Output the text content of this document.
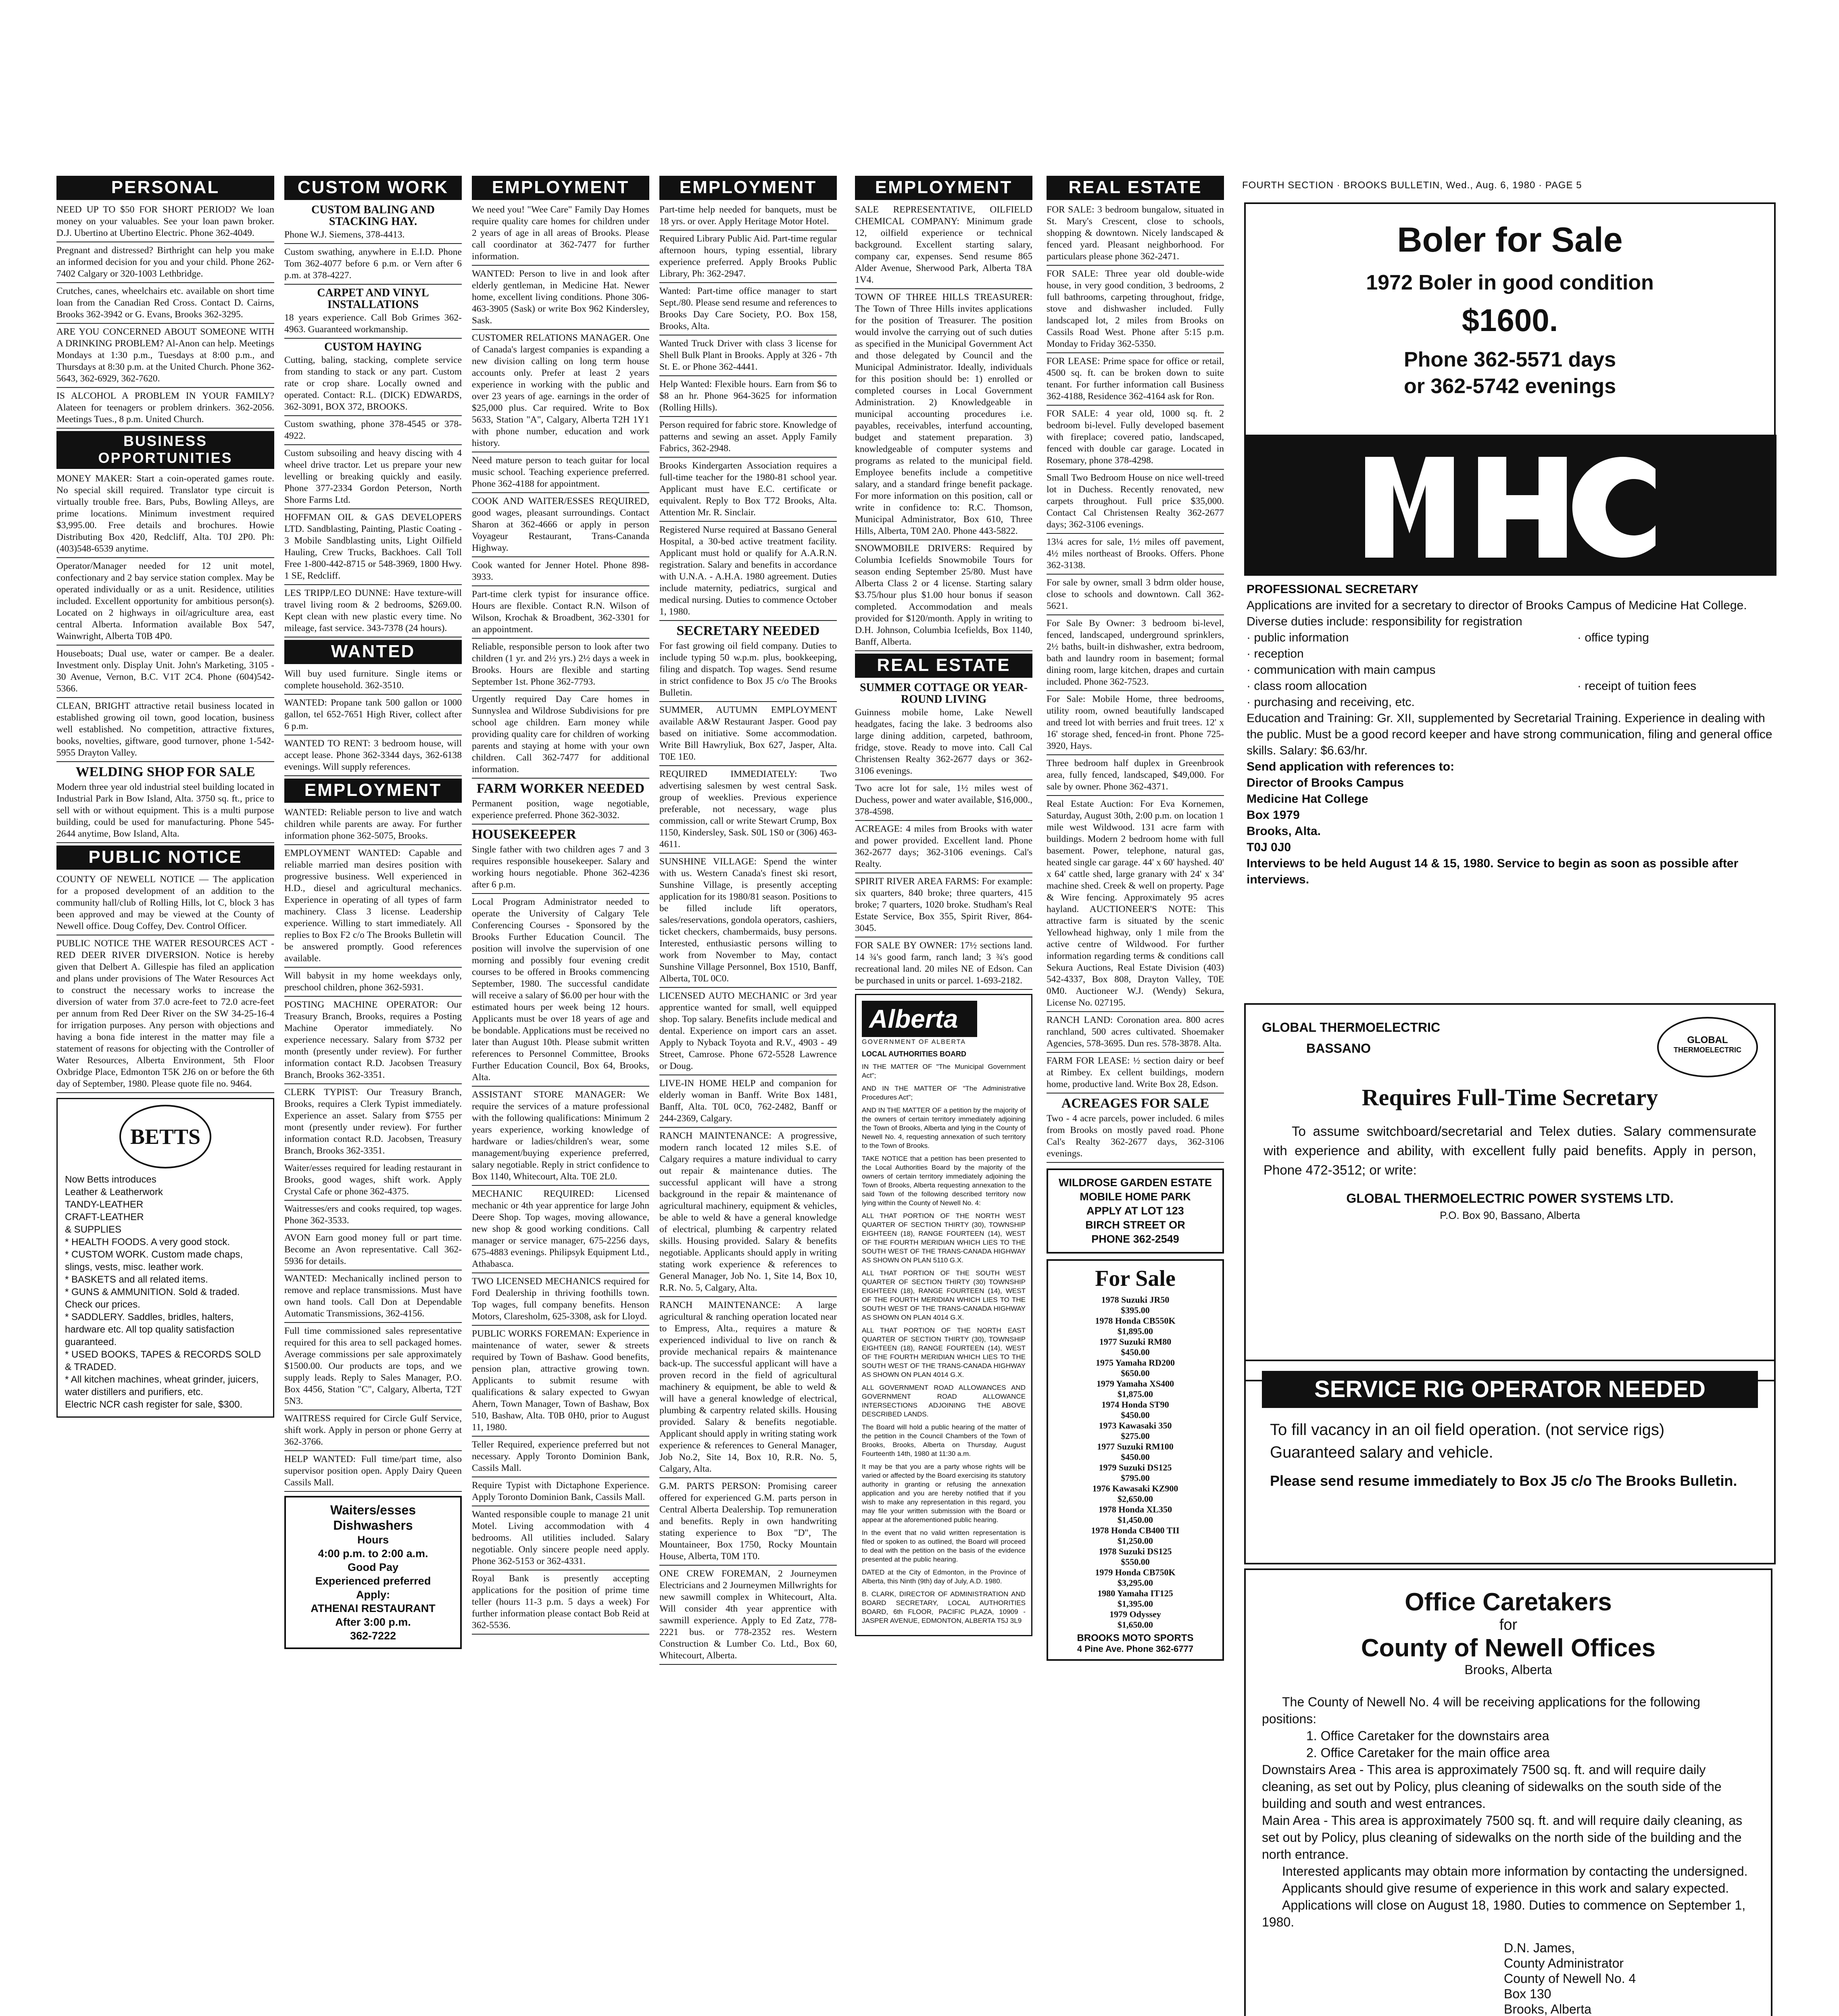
FOURTH SECTION · BROOKS BULLETIN, Wed., Aug. 6, 1980 · PAGE 5
PERSONAL
NEED UP TO $50 FOR SHORT PERIOD? We loan money on your valuables. See your loan pawn broker. D.J. Ubertino at Ubertino Electric. Phone 362-4049.
Pregnant and distressed? Birthright can help you make an informed decision for you and your child. Phone 262-7402 Calgary or 320-1003 Lethbridge.
Crutches, canes, wheelchairs etc. available on short time loan from the Canadian Red Cross. Contact D. Cairns, Brooks 362-3942 or G. Evans, Brooks 362-3295.
ARE YOU CONCERNED ABOUT SOMEONE WITH A DRINKING PROBLEM? Al-Anon can help. Meetings Mondays at 1:30 p.m., Tuesdays at 8:00 p.m., and Thursdays at 8:30 p.m. at the United Church. Phone 362-5643, 362-6929, 362-7620.
IS ALCOHOL A PROBLEM IN YOUR FAMILY? Alateen for teenagers or problem drinkers. 362-2056. Meetings Tues., 8 p.m. United Church.
BUSINESS OPPORTUNITIES
MONEY MAKER: Start a coin-operated games route. No special skill required. Translator type circuit is virtually trouble free. Bars, Pubs, Bowling Alleys, are prime locations. Minimum investment required $3,995.00. Free details and brochures. Howie Distributing Box 420, Redcliff, Alta. T0J 2P0. Ph: (403)548-6539 anytime.
Operator/Manager needed for 12 unit motel, confectionary and 2 bay service station complex. May be operated individually or as a unit. Residence, utilities included. Excellent opportunity for ambitious person(s). Located on 2 highways in oil/agriculture area, east central Alberta. Information available Box 547, Wainwright, Alberta T0B 4P0.
Houseboats; Dual use, water or camper. Be a dealer. Investment only. Display Unit. John's Marketing, 3105 - 30 Avenue, Vernon, B.C. V1T 2C4. Phone (604)542-5366.
CLEAN, BRIGHT attractive retail business located in established growing oil town, good location, business well established. No competition, attractive fixtures, books, novelties, giftware, good turnover, phone 1-542-5955 Drayton Valley.
WELDING SHOP FOR SALE
Modern three year old industrial steel building located in Industrial Park in Bow Island, Alta. 3750 sq. ft., price to sell with or without equipment. This is a multi purpose building, could be used for manufacturing. Phone 545-2644 anytime, Bow Island, Alta.
PUBLIC NOTICE
COUNTY OF NEWELL NOTICE — The application for a proposed development of an addition to the community hall/club of Rolling Hills, lot C, block 3 has been approved and may be viewed at the County of Newell office. Doug Coffey, Dev. Control Officer.
PUBLIC NOTICE THE WATER RESOURCES ACT - RED DEER RIVER DIVERSION. Notice is hereby given that Delbert A. Gillespie has filed an application and plans under provisions of The Water Resources Act to construct the necessary works to increase the diversion of water from 37.0 acre-feet to 72.0 acre-feet per annum from Red Deer River on the SW 34-25-16-4 for irrigation purposes. Any person with objections and having a bona fide interest in the matter may file a statement of reasons for objecting with the Controller of Water Resources, Alberta Environment, 5th Floor Oxbridge Place, Edmonton T5K 2J6 on or before the 6th day of September, 1980. Please quote file no. 9464.
BETTS
Now Betts introduces
Leather & Leatherwork
TANDY-LEATHER
CRAFT-LEATHER
& SUPPLIES
* HEALTH FOODS. A very good stock.
* CUSTOM WORK. Custom made chaps, slings, vests, misc. leather work.
* BASKETS and all related items.
* GUNS & AMMUNITION. Sold & traded. Check our prices.
* SADDLERY. Saddles, bridles, halters, hardware etc. All top quality satisfaction guaranteed.
* USED BOOKS, TAPES & RECORDS SOLD & TRADED.
* All kitchen machines, wheat grinder, juicers, water distillers and purifiers, etc.
Electric NCR cash register for sale, $300.
CUSTOM WORK
CUSTOM BALING AND STACKING HAY.
Phone W.J. Siemens, 378-4413.
Custom swathing, anywhere in E.I.D. Phone Tom 362-4077 before 6 p.m. or Vern after 6 p.m. at 378-4227.
CARPET AND VINYL INSTALLATIONS
18 years experience. Call Bob Grimes 362-4963. Guaranteed workmanship.
CUSTOM HAYING
Cutting, baling, stacking, complete service from standing to stack or any part. Custom rate or crop share. Locally owned and operated. Contact: R.L. (DICK) EDWARDS, 362-3091, BOX 372, BROOKS.
Custom swathing, phone 378-4545 or 378-4922.
Custom subsoiling and heavy discing with 4 wheel drive tractor. Let us prepare your new levelling or breaking quickly and easily. Phone 377-2334 Gordon Peterson, North Shore Farms Ltd.
HOFFMAN OIL & GAS DEVELOPERS LTD. Sandblasting, Painting, Plastic Coating - 3 Mobile Sandblasting units, Light Oilfield Hauling, Crew Trucks, Backhoes. Call Toll Free 1-800-442-8715 or 548-3969, 1800 Hwy. 1 SE, Redcliff.
LES TRIPP/LEO DUNNE: Have texture-will travel living room & 2 bedrooms, $269.00. Kept clean with new plastic every time. No mileage, fast service. 343-7378 (24 hours).
WANTED
Will buy used furniture. Single items or complete household. 362-3510.
WANTED: Propane tank 500 gallon or 1000 gallon, tel 652-7651 High River, collect after 6 p.m.
WANTED TO RENT: 3 bedroom house, will accept lease. Phone 362-3344 days, 362-6138 evenings. Will supply references.
EMPLOYMENT
WANTED: Reliable person to live and watch children while parents are away. For further information phone 362-5075, Brooks.
EMPLOYMENT WANTED: Capable and reliable married man desires position with progressive business. Well experienced in H.D., diesel and agricultural mechanics. Experience in operating of all types of farm machinery. Class 3 license. Leadership experience. Willing to start immediately. All replies to Box F2 c/o The Brooks Bulletin will be answered promptly. Good references available.
Will babysit in my home weekdays only, preschool children, phone 362-5931.
POSTING MACHINE OPERATOR: Our Treasury Branch, Brooks, requires a Posting Machine Operator immediately. No experience necessary. Salary from $732 per month (presently under review). For further information contact R.D. Jacobsen Treasury Branch, Brooks 362-3351.
CLERK TYPIST: Our Treasury Branch, Brooks, requires a Clerk Typist immediately. Experience an asset. Salary from $755 per mont (presently under review). For further information contact R.D. Jacobsen, Treasury Branch, Brooks 362-3351.
Waiter/esses required for leading restaurant in Brooks, good wages, shift work. Apply Crystal Cafe or phone 362-4375.
Waitresses/ers and cooks required, top wages. Phone 362-3533.
AVON Earn good money full or part time. Become an Avon representative. Call 362-5936 for details.
WANTED: Mechanically inclined person to remove and replace transmissions. Must have own hand tools. Call Don at Dependable Automatic Transmissions, 362-4156.
Full time commissioned sales representative required for this area to sell packaged homes. Average commissions per sale approximately $1500.00. Our products are tops, and we supply leads. Reply to Sales Manager, P.O. Box 4456, Station "C", Calgary, Alberta, T2T 5N3.
WAITRESS required for Circle Gulf Service, shift work. Apply in person or phone Gerry at 362-3766.
HELP WANTED: Full time/part time, also supervisor position open. Apply Dairy Queen Cassils Mall.
Waiters/esses Dishwashers
Hours
4:00 p.m. to 2:00 a.m.
Good Pay
Experienced preferred
Apply:
ATHENAI RESTAURANT
After 3:00 p.m.
362-7222
EMPLOYMENT
We need you! "Wee Care" Family Day Homes require quality care homes for children under 2 years of age in all areas of Brooks. Please call coordinator at 362-7477 for further information.
WANTED: Person to live in and look after elderly gentleman, in Medicine Hat. Newer home, excellent living conditions. Phone 306-463-3905 (Sask) or write Box 962 Kindersley, Sask.
CUSTOMER RELATIONS MANAGER. One of Canada's largest companies is expanding a new division calling on long term house accounts only. Prefer at least 2 years experience in working with the public and over 23 years of age. earnings in the order of $25,000 plus. Car required. Write to Box 5633, Station "A", Calgary, Alberta T2H 1Y1 with phone number, education and work history.
Need mature person to teach guitar for local music school. Teaching experience preferred. Phone 362-4188 for appointment.
COOK AND WAITER/ESSES REQUIRED, good wages, pleasant surroundings. Contact Sharon at 362-4666 or apply in person Voyageur Restaurant, Trans-Cananda Highway.
Cook wanted for Jenner Hotel. Phone 898-3933.
Part-time clerk typist for insurance office. Hours are flexible. Contact R.N. Wilson of Wilson, Krochak & Broadbent, 362-3301 for an appointment.
Reliable, responsible person to look after two children (1 yr. and 2½ yrs.) 2½ days a week in Brooks. Hours are flexible and starting September 1st. Phone 362-7793.
Urgently required Day Care homes in Sunnyslea and Wildrose Subdivisions for pre school age children. Earn money while providing quality care for children of working parents and staying at home with your own children. Call 362-7477 for additional information.
FARM WORKER NEEDED
Permanent position, wage negotiable, experience preferred. Phone 362-3032.
HOUSEKEEPER
Single father with two children ages 7 and 3 requires responsible housekeeper. Salary and working hours negotiable. Phone 362-4236 after 6 p.m.
Local Program Administrator needed to operate the University of Calgary Tele Conferencing Courses - Sponsored by the Brooks Further Education Council. The position will involve the supervision of one morning and possibly four evening credit courses to be offered in Brooks commencing September, 1980. The successful candidate will receive a salary of $6.00 per hour with the estimated hours per week being 12 hours. Applicants must be over 18 years of age and be bondable. Applications must be received no later than August 10th. Please submit written references to Personnel Committee, Brooks Further Education Council, Box 64, Brooks, Alta.
ASSISTANT STORE MANAGER: We require the services of a mature professional with the following qualifications: Minimum 2 years experience, working knowledge of hardware or ladies/children's wear, some management/buying experience preferred, salary negotiable. Reply in strict confidence to Box 1140, Whitecourt, Alta. T0E 2L0.
MECHANIC REQUIRED: Licensed mechanic or 4th year apprentice for large John Deere Shop. Top wages, moving allowance, new shop & good working conditions. Call manager or service manager, 675-2256 days, 675-4883 evenings. Philipsyk Equipment Ltd., Athabasca.
TWO LICENSED MECHANICS required for Ford Dealership in thriving foothills town. Top wages, full company benefits. Henson Motors, Claresholm, 625-3308, ask for Lloyd.
PUBLIC WORKS FOREMAN: Experience in maintenance of water, sewer & streets required by Town of Bashaw. Good benefits, pension plan, attractive growing town. Applicants to submit resume with qualifications & salary expected to Gwyan Ahern, Town Manager, Town of Bashaw, Box 510, Bashaw, Alta. T0B 0H0, prior to August 11, 1980.
Teller Required, experience preferred but not necessary. Apply Toronto Dominion Bank, Cassils Mall.
Require Typist with Dictaphone Experience. Apply Toronto Dominion Bank, Cassils Mall.
Wanted responsible couple to manage 21 unit Motel. Living accommodation with 4 bedrooms. All utilities included. Salary negotiable. Only sincere people need apply. Phone 362-5153 or 362-4331.
Royal Bank is presently accepting applications for the position of prime time teller (hours 11-3 p.m. 5 days a week) For further information please contact Bob Reid at 362-5536.
EMPLOYMENT
Part-time help needed for banquets, must be 18 yrs. or over. Apply Heritage Motor Hotel.
Required Library Public Aid. Part-time regular afternoon hours, typing essential, library experience preferred. Apply Brooks Public Library, Ph: 362-2947.
Wanted: Part-time office manager to start Sept./80. Please send resume and references to Brooks Day Care Society, P.O. Box 158, Brooks, Alta.
Wanted Truck Driver with class 3 license for Shell Bulk Plant in Brooks. Apply at 326 - 7th St. E. or Phone 362-4441.
Help Wanted: Flexible hours. Earn from $6 to $8 an hr. Phone 964-3625 for information (Rolling Hills).
Person required for fabric store. Knowledge of patterns and sewing an asset. Apply Family Fabrics, 362-2948.
Brooks Kindergarten Association requires a full-time teacher for the 1980-81 school year. Applicant must have E.C. certificate or equivalent. Reply to Box T72 Brooks, Alta. Attention Mr. R. Sinclair.
Registered Nurse required at Bassano General Hospital, a 30-bed active treatment facility. Applicant must hold or qualify for A.A.R.N. registration. Salary and benefits in accordance with U.N.A. - A.H.A. 1980 agreement. Duties include maternity, pediatrics, surgical and medical nursing. Duties to commence October 1, 1980.
SECRETARY NEEDED
For fast growing oil field company. Duties to include typing 50 w.p.m. plus, bookkeeping, filing and dispatch. Top wages. Send resume in strict confidence to Box J5 c/o The Brooks Bulletin.
SUMMER, AUTUMN EMPLOYMENT available A&W Restaurant Jasper. Good pay based on initiative. Some accommodation. Write Bill Hawryliuk, Box 627, Jasper, Alta. T0E 1E0.
REQUIRED IMMEDIATELY: Two advertising salesmen by west central Sask. group of weeklies. Previous experience preferable, not necessary, wage plus commission, call or write Stewart Crump, Box 1150, Kindersley, Sask. S0L 1S0 or (306) 463-4611.
SUNSHINE VILLAGE: Spend the winter with us. Western Canada's finest ski resort, Sunshine Village, is presently accepting application for its 1980/81 season. Positions to be filled include lift operators, sales/reservations, gondola operators, cashiers, ticket checkers, chambermaids, busy persons. Interested, enthusiastic persons willing to work from November to May, contact Sunshine Village Personnel, Box 1510, Banff, Alberta, T0L 0C0.
LICENSED AUTO MECHANIC or 3rd year apprentice wanted for small, well equipped shop. Top salary. Benefits include medical and dental. Experience on import cars an asset. Apply to Nyback Toyota and R.V., 4903 - 49 Street, Camrose. Phone 672-5528 Lawrence or Doug.
LIVE-IN HOME HELP and companion for elderly woman in Banff. Write Box 1481, Banff, Alta. T0L 0C0, 762-2482, Banff or 244-2369, Calgary.
RANCH MAINTENANCE: A progressive, modern ranch located 12 miles S.E. of Calgary requires a mature individual to carry out repair & maintenance duties. The successful applicant will have a strong background in the repair & maintenance of agricultural machinery, equipment & vehicles, be able to weld & have a general knowledge of electrical, plumbing & carpentry related skills. Housing provided. Salary & benefits negotiable. Applicants should apply in writing stating work experience & references to General Manager, Job No. 1, Site 14, Box 10, R.R. No. 5, Calgary, Alta.
RANCH MAINTENANCE: A large agricultural & ranching operation located near to Empress, Alta., requires a mature & experienced individual to live on ranch & provide mechanical repairs & maintenance back-up. The successful applicant will have a proven record in the field of agricultural machinery & equipment, be able to weld & will have a general knowledge of electrical, plumbing & carpentry related skills. Housing provided. Salary & benefits negotiable. Applicant should apply in writing stating work experience & references to General Manager, Job No.2, Site 14, Box 10, R.R. No. 5, Calgary, Alta.
G.M. PARTS PERSON: Promising career offered for experienced G.M. parts person in Central Alberta Dealership. Top remuneration and benefits. Reply in own handwriting stating experience to Box "D", The Mountaineer, Box 1750, Rocky Mountain House, Alberta, T0M 1T0.
ONE CREW FOREMAN, 2 Journeymen Electricians and 2 Journeymen Millwrights for new sawmill complex in Whitecourt, Alta. Will consider 4th year apprentice with sawmill experience. Apply to Ed Zatz, 778-2221 bus. or 778-2352 res. Western Construction & Lumber Co. Ltd., Box 60, Whitecourt, Alberta.
EMPLOYMENT
SALE REPRESENTATIVE, OILFIELD CHEMICAL COMPANY: Minimum grade 12, oilfield experience or technical background. Excellent starting salary, company car, expenses. Send resume 865 Alder Avenue, Sherwood Park, Alberta T8A 1V4.
TOWN OF THREE HILLS TREASURER: The Town of Three Hills invites applications for the position of Treasurer. The position would involve the carrying out of such duties as specified in the Municipal Government Act and those delegated by Council and the Municipal Administrator. Ideally, individuals for this position should be: 1) enrolled or completed courses in Local Government Administration. 2) Knowledgeable in municipal accounting procedures i.e. payables, receivables, interfund accounting, budget and statement preparation. 3) knowledgeable of computer systems and programs as related to the municipal field. Employee benefits include a competitive salary, and a standard fringe benefit package. For more information on this position, call or write in confidence to: R.C. Thomson, Municipal Administrator, Box 610, Three Hills, Alberta, T0M 2A0. Phone 443-5822.
SNOWMOBILE DRIVERS: Required by Columbia Icefields Snowmobile Tours for season ending September 25/80. Must have Alberta Class 2 or 4 license. Starting salary $3.75/hour plus $1.00 hour bonus if season completed. Accommodation and meals provided for $120/month. Apply in writing to D.H. Johnson, Columbia Icefields, Box 1140, Banff, Alberta.
REAL ESTATE
SUMMER COTTAGE OR YEAR-ROUND LIVING
Guinness mobile home, Lake Newell headgates, facing the lake. 3 bedrooms also large dining addition, carpeted, bathroom, fridge, stove. Ready to move into. Call Cal Christensen Realty 362-2677 days or 362-3106 evenings.
Two acre lot for sale, 1½ miles west of Duchess, power and water available, $16,000., 378-4598.
ACREAGE: 4 miles from Brooks with water and power provided. Excellent land. Phone 362-2677 days; 362-3106 evenings. Cal's Realty.
SPIRIT RIVER AREA FARMS: For example: six quarters, 840 broke; three quarters, 415 broke; 7 quarters, 1020 broke. Studham's Real Estate Service, Box 355, Spirit River, 864-3045.
FOR SALE BY OWNER: 17½ sections land. 14 ¾'s good farm, ranch land; 3 ¾'s good recreational land. 20 miles NE of Edson. Can be purchased in units or parcel. 1-693-2182.
Alberta
GOVERNMENT OF ALBERTA
LOCAL AUTHORITIES BOARD

IN THE MATTER OF "The Municipal Government Act";

AND IN THE MATTER OF "The Administrative Procedures Act";

AND IN THE MATTER OF a petition by the majority of the owners of certain territory immediately adjoining the Town of Brooks, Alberta and lying in the County of Newell No. 4, requesting annexation of such territory to the Town of Brooks.

TAKE NOTICE that a petition has been presented to the Local Authorities Board by the majority of the owners of certain territory immediately adjoining the Town of Brooks, Alberta requesting annexation to the said Town of the following described territory now lying within the County of Newell No. 4:

ALL THAT PORTION OF THE NORTH WEST QUARTER OF SECTION THIRTY (30), TOWNSHIP EIGHTEEN (18), RANGE FOURTEEN (14), WEST OF THE FOURTH MERIDIAN WHICH LIES TO THE SOUTH WEST OF THE TRANS-CANADA HIGHWAY AS SHOWN ON PLAN 5110 G.X.

ALL THAT PORTION OF THE SOUTH WEST QUARTER OF SECTION THIRTY (30) TOWNSHIP EIGHTEEN (18), RANGE FOURTEEN (14), WEST OF THE FOURTH MERIDIAN WHICH LIES TO THE SOUTH WEST OF THE TRANS-CANADA HIGHWAY AS SHOWN ON PLAN 4014 G.X.

ALL THAT PORTION OF THE NORTH EAST QUARTER OF SECTION THIRTY (30), TOWNSHIP EIGHTEEN (18), RANGE FOURTEEN (14), WEST OF THE FOURTH MERIDIAN WHICH LIES TO THE SOUTH WEST OF THE TRANS-CANADA HIGHWAY AS SHOWN ON PLAN 4014 G.X.

ALL GOVERNMENT ROAD ALLOWANCES AND GOVERNMENT ROAD ALLOWANCE INTERSECTIONS ADJOINING THE ABOVE DESCRIBED LANDS.

The Board will hold a public hearing of the matter of the petition in the Council Chambers of the Town of Brooks, Brooks, Alberta on Thursday, August Fourteenth 14th, 1980 at 11:30 a.m.

It may be that you are a party whose rights will be varied or affected by the Board exercising its statutory authority in granting or refusing the annexation application and you are hereby notified that if you wish to make any representation in this regard, you may file your written submission with the Board or appear at the aforementioned public hearing.

In the event that no valid written representation is filed or spoken to as outlined, the Board will proceed to deal with the petition on the basis of the evidence presented at the public hearing.

DATED at the City of Edmonton, in the Province of Alberta, this Ninth (9th) day of July, A.D. 1980.

B. CLARK, DIRECTOR OF ADMINISTRATION AND BOARD SECRETARY, LOCAL AUTHORITIES BOARD, 6th FLOOR, PACIFIC PLAZA, 10909 - JASPER AVENUE, EDMONTON, ALBERTA T5J 3L9

REAL ESTATE
FOR SALE: 3 bedroom bungalow, situated in St. Mary's Crescent, close to schools, shopping & downtown. Nicely landscaped & fenced yard. Pleasant neighborhood. For particulars please phone 362-2471.
FOR SALE: Three year old double-wide house, in very good condition, 3 bedrooms, 2 full bathrooms, carpeting throughout, fridge, stove and dishwasher included. Fully landscaped lot, 2 miles from Brooks on Cassils Road West. Phone after 5:15 p.m. Monday to Friday 362-5350.
FOR LEASE: Prime space for office or retail, 4500 sq. ft. can be broken down to suite tenant. For further information call Business 362-4188, Residence 362-4164 ask for Ron.
FOR SALE: 4 year old, 1000 sq. ft. 2 bedroom bi-level. Fully developed basement with fireplace; covered patio, landscaped, fenced with double car garage. Located in Rosemary, phone 378-4298.
Small Two Bedroom House on nice well-treed lot in Duchess. Recently renovated, new carpets throughout. Full price $35,000. Contact Cal Christensen Realty 362-2677 days; 362-3106 evenings.
13¼ acres for sale, 1½ miles off pavement, 4½ miles northeast of Brooks. Offers. Phone 362-3138.
For sale by owner, small 3 bdrm older house, close to schools and downtown. Call 362-5621.
For Sale By Owner: 3 bedroom bi-level, fenced, landscaped, underground sprinklers, 2½ baths, built-in dishwasher, extra bedroom, bath and laundry room in basement; formal dining room, large kitchen, drapes and curtain included. Phone 362-7523.
For Sale: Mobile Home, three bedrooms, utility room, owned beautifully landscaped and treed lot with berries and fruit trees. 12' x 16' storage shed, fenced-in front. Phone 725-3920, Hays.
Three bedroom half duplex in Greenbrook area, fully fenced, landscaped, $49,000. For sale by owner. Phone 362-4371.
Real Estate Auction: For Eva Kornemen, Saturday, August 30th, 2:00 p.m. on location 1 mile west Wildwood. 131 acre farm with buildings. Modern 2 bedroom home with full basement. Power, telephone, natural gas, heated single car garage. 44' x 60' hayshed. 40' x 64' cattle shed, large granary with 24' x 34' machine shed. Creek & well on property. Page & Wire fencing. Approximately 95 acres hayland. AUCTIONEER'S NOTE: This attractive farm is situated by the scenic Yellowhead highway, only 1 mile from the active centre of Wildwood. For further information regarding terms & conditions call Sekura Auctions, Real Estate Division (403) 542-4337, Box 808, Drayton Valley, T0E 0M0. Auctioneer W.J. (Wendy) Sekura, License No. 027195.
RANCH LAND: Coronation area. 800 acres ranchland, 500 acres cultivated. Shoemaker Agencies, 578-3695. Dun res. 578-3878. Alta.
FARM FOR LEASE: ½ section dairy or beef at Rimbey. Ex cellent buildings, modern home, productive land. Write Box 28, Edson.
ACREAGES FOR SALE
Two - 4 acre parcels, power included. 6 miles from Brooks on mostly paved road. Phone Cal's Realty 362-2677 days, 362-3106 evenings.
WILDROSE GARDEN ESTATE MOBILE HOME PARK
APPLY AT LOT 123
BIRCH STREET OR
PHONE 362-2549
For Sale
1978 Suzuki JR50
$395.00
1978 Honda CB550K
$1,895.00
1977 Suzuki RM80
$450.00
1975 Yamaha RD200
$650.00
1979 Yamaha XS400
$1,875.00
1974 Honda ST90
$450.00
1973 Kawasaki 350
$275.00
1977 Suzuki RM100
$450.00
1979 Suzuki DS125
$795.00
1976 Kawasaki KZ900
$2,650.00
1978 Honda XL350
$1,450.00
1978 Honda CB400 TII
$1,250.00
1978 Suzuki DS125
$550.00
1979 Honda CB750K
$3,295.00
1980 Yamaha IT125
$1,395.00
1979 Odyssey
$1,650.00
BROOKS MOTO SPORTS
4 Pine Ave. Phone 362-6777
Boler for Sale
1972 Boler in good condition
$1600.
Phone 362-5571 days
or 362-5742 evenings
PROFESSIONAL SECRETARY
Applications are invited for a secretary to director of Brooks Campus of Medicine Hat College. Diverse duties include: responsibility for registration
· public information	· office typing
· reception
· communication with main campus
· class room allocation	· receipt of tuition fees
· purchasing and receiving, etc.
Education and Training: Gr. XII, supplemented by Secretarial Training. Experience in dealing with the public. Must be a good record keeper and have strong communication, filing and general office skills. Salary: $6.63/hr.
Send application with references to:
Director of Brooks Campus
Medicine Hat College
Box 1979
Brooks, Alta.
T0J 0J0
Interviews to be held August 14 & 15, 1980. Service to begin as soon as possible after interviews.
GLOBAL THERMOELECTRIC
BASSANO
GLOBAL
THERMOELECTRIC
Requires Full-Time Secretary
To assume switchboard/secretarial and Telex duties. Salary commensurate with experience and ability, with excellent fully paid benefits. Apply in person, Phone 472-3512; or write:
GLOBAL THERMOELECTRIC POWER SYSTEMS LTD.
P.O. Box 90, Bassano, Alberta
SERVICE RIG OPERATOR NEEDED
To fill vacancy in an oil field operation. (not service rigs) Guaranteed salary and vehicle.
Please send resume immediately to Box J5 c/o The Brooks Bulletin.
Office Caretakers
for
County of Newell Offices
Brooks, Alberta
The County of Newell No. 4 will be receiving applications for the following positions:
1. Office Caretaker for the downstairs area
2. Office Caretaker for the main office area
Downstairs Area - This area is approximately 7500 sq. ft. and will require daily cleaning, as set out by Policy, plus cleaning of sidewalks on the south side of the building and south and west entrances.
Main Area - This area is approximately 7500 sq. ft. and will require daily cleaning, as set out by Policy, plus cleaning of sidewalks on the north side of the building and the north entrance.
Interested applicants may obtain more information by contacting the undersigned.
Applicants should give resume of experience in this work and salary expected.
Applications will close on August 18, 1980. Duties to commence on September 1, 1980.
D.N. James,
County Administrator
County of Newell No. 4
Box 130
Brooks, Alberta
